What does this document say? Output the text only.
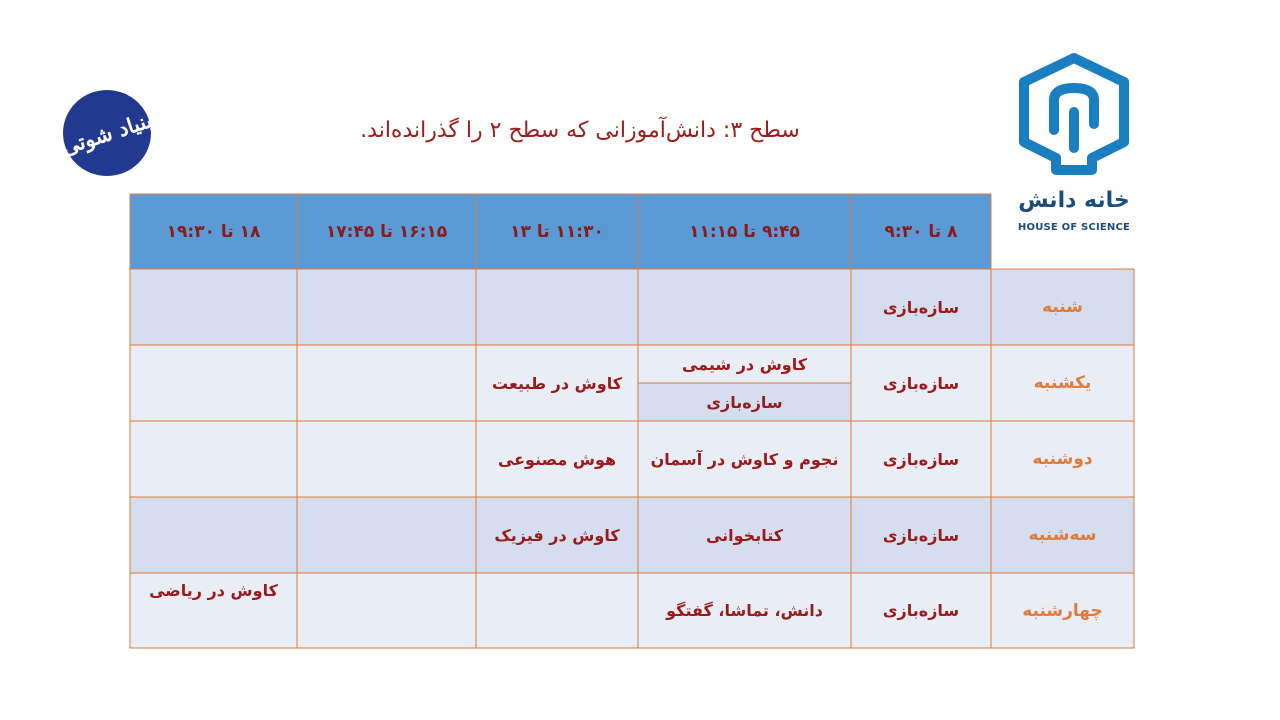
بنیاد شوتی	سطح ۳: دانش‌آموزانی که سطح ۲ را گذرانده‌اند.
خانه دانش
HOUSE OF SCIENCE
۸ تا ۹:۳۰
۹:۴۵ تا ۱۱:۱۵
۱۱:۳۰ تا ۱۳
۱۶:۱۵ تا ۱۷:۴۵
۱۸ تا ۱۹:۳۰
شنبه
سازه‌بازی
یکشنبه
سازه‌بازی
کاوش در شیمی
سازه‌بازی
کاوش در طبیعت
دوشنبه
سازه‌بازی
نجوم و کاوش در آسمان
هوش مصنوعی
سه‌شنبه
سازه‌بازی
کتابخوانی
کاوش در فیزیک
چهارشنبه
سازه‌بازی
دانش، تماشا، گفتگو
کاوش در ریاضی
